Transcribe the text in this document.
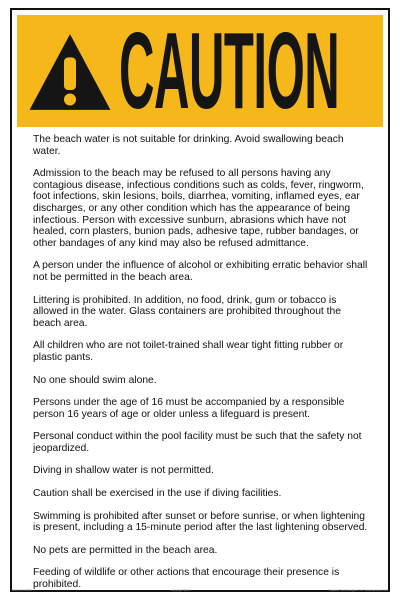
CAUTION

The beach water is not suitable for drinking. Avoid swallowing beach water.

Admission to the beach may be refused to all persons having any contagious disease, infectious conditions such as colds, fever, ringworm, foot infections, skin lesions, boils, diarrhea, vomiting, inflamed eyes, ear discharges, or any other condition which has the appearance of being infectious. Person with excessive sunburn, abrasions which have not healed, corn plasters, bunion pads, adhesive tape, rubber bandages, or other bandages of any kind may also be refused admittance.

A person under the influence of alcohol or exhibiting erratic behavior shall not be permitted in the beach area.

Littering is prohibited. In addition, no food, drink, gum or tobacco is allowed in the water. Glass containers are prohibited throughout the beach area.

All children who are not toilet-trained shall wear tight fitting rubber or plastic pants.

No one should swim alone.

Persons under the age of 16 must be accompanied by a responsible person 16 years of age or older unless a lifeguard is present.

Personal conduct within the pool facility must be such that the safety not jeopardized.

Diving in shallow water is not permitted.

Caution shall be exercised in the use if diving facilities.

Swimming is prohibited after sunset or before sunrise, or when lightening is present, including a 15-minute period after the last lightening observed.

No pets are permitted in the beach area.

Feeding of wildlife or other actions that encourage their presence is prohibited.

ASP-MO-0000	Copyright 2023	Aquatic Technologies, Inc. www.aquatic.com
